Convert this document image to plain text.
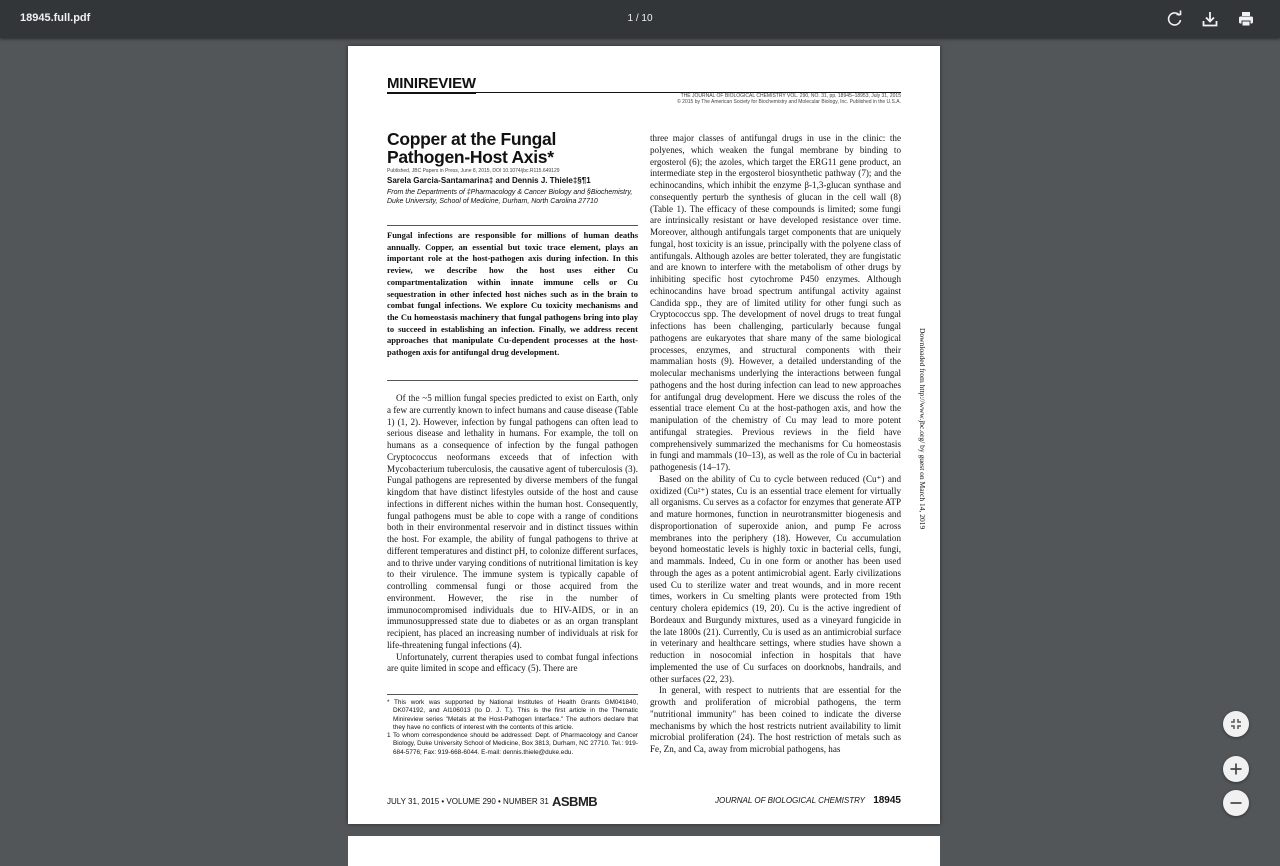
18945.full.pdf	1 / 10
MINIREVIEW
THE JOURNAL OF BIOLOGICAL CHEMISTRY VOL. 290, NO. 31, pp. 18945–18953, July 31, 2015
© 2015 by The American Society for Biochemistry and Molecular Biology, Inc. Published in the U.S.A.
Copper at the Fungal Pathogen-Host Axis*
Published, JBC Papers in Press, June 8, 2015, DOI 10.1074/jbc.R115.649129
Sarela Garcia-Santamarina‡ and Dennis J. Thiele‡§¶1
From the Departments of ‡Pharmacology & Cancer Biology and §Biochemistry, Duke University, School of Medicine, Durham, North Carolina 27710
Fungal infections are responsible for millions of human deaths annually. Copper, an essential but toxic trace element, plays an important role at the host-pathogen axis during infection. In this review, we describe how the host uses either Cu compartmentalization within innate immune cells or Cu sequestration in other infected host niches such as in the brain to combat fungal infections. We explore Cu toxicity mechanisms and the Cu homeostasis machinery that fungal pathogens bring into play to succeed in establishing an infection. Finally, we address recent approaches that manipulate Cu-dependent processes at the host-pathogen axis for antifungal drug development.

Of the ~5 million fungal species predicted to exist on Earth, only a few are currently known to infect humans and cause disease (Table 1) (1, 2). However, infection by fungal pathogens can often lead to serious disease and lethality in humans. For example, the toll on humans as a consequence of infection by the fungal pathogen Cryptococcus neoformans exceeds that of infection with Mycobacterium tuberculosis, the causative agent of tuberculosis (3). Fungal pathogens are represented by diverse members of the fungal kingdom that have distinct lifestyles outside of the host and cause infections in different niches within the human host. Consequently, fungal pathogens must be able to cope with a range of conditions both in their environmental reservoir and in distinct tissues within the host. For example, the ability of fungal pathogens to thrive at different temperatures and distinct pH, to colonize different surfaces, and to thrive under varying conditions of nutritional limitation is key to their virulence. The immune system is typically capable of controlling commensal fungi or those acquired from the environment. However, the rise in the number of immunocompromised individuals due to HIV-AIDS, or in an immunosuppressed state due to diabetes or as an organ transplant recipient, has placed an increasing number of individuals at risk for life-threatening fungal infections (4).

Unfortunately, current therapies used to combat fungal infections are quite limited in scope and efficacy (5). There are

* This work was supported by National Institutes of Health Grants GM041840, DK074192, and AI106013 (to D. J. T.). This is the first article in the Thematic Minireview series "Metals at the Host-Pathogen Interface." The authors declare that they have no conflicts of interest with the contents of this article.
1 To whom correspondence should be addressed: Dept. of Pharmacology and Cancer Biology, Duke University School of Medicine, Box 3813, Durham, NC 27710. Tel.: 919-684-5776; Fax: 919-668-6044. E-mail: dennis.thiele@duke.edu.

three major classes of antifungal drugs in use in the clinic: the polyenes, which weaken the fungal membrane by binding to ergosterol (6); the azoles, which target the ERG11 gene product, an intermediate step in the ergosterol biosynthetic pathway (7); and the echinocandins, which inhibit the enzyme β-1,3-glucan synthase and consequently perturb the synthesis of glucan in the cell wall (8) (Table 1). The efficacy of these compounds is limited; some fungi are intrinsically resistant or have developed resistance over time. Moreover, although antifungals target components that are uniquely fungal, host toxicity is an issue, principally with the polyene class of antifungals. Although azoles are better tolerated, they are fungistatic and are known to interfere with the metabolism of other drugs by inhibiting specific host cytochrome P450 enzymes. Although echinocandins have broad spectrum antifungal activity against Candida spp., they are of limited utility for other fungi such as Cryptococcus spp. The development of novel drugs to treat fungal infections has been challenging, particularly because fungal pathogens are eukaryotes that share many of the same biological processes, enzymes, and structural components with their mammalian hosts (9). However, a detailed understanding of the molecular mechanisms underlying the interactions between fungal pathogens and the host during infection can lead to new approaches for antifungal drug development. Here we discuss the roles of the essential trace element Cu at the host-pathogen axis, and how the manipulation of the chemistry of Cu may lead to more potent antifungal strategies. Previous reviews in the field have comprehensively summarized the mechanisms for Cu homeostasis in fungi and mammals (10–13), as well as the role of Cu in bacterial pathogenesis (14–17).

Based on the ability of Cu to cycle between reduced (Cu⁺) and oxidized (Cu²⁺) states, Cu is an essential trace element for virtually all organisms. Cu serves as a cofactor for enzymes that generate ATP and mature hormones, function in neurotransmitter biogenesis and disproportionation of superoxide anion, and pump Fe across membranes into the periphery (18). However, Cu accumulation beyond homeostatic levels is highly toxic in bacterial cells, fungi, and mammals. Indeed, Cu in one form or another has been used through the ages as a potent antimicrobial agent. Early civilizations used Cu to sterilize water and treat wounds, and in more recent times, workers in Cu smelting plants were protected from 19th century cholera epidemics (19, 20). Cu is the active ingredient of Bordeaux and Burgundy mixtures, used as a vineyard fungicide in the late 1800s (21). Currently, Cu is used as an antimicrobial surface in veterinary and healthcare settings, where studies have shown a reduction in nosocomial infection in hospitals that have implemented the use of Cu surfaces on doorknobs, handrails, and other surfaces (22, 23).

In general, with respect to nutrients that are essential for the growth and proliferation of microbial pathogens, the term "nutritional immunity" has been coined to indicate the diverse mechanisms by which the host restricts nutrient availability to limit microbial proliferation (24). The host restriction of metals such as Fe, Zn, and Ca, away from microbial pathogens, has

JULY 31, 2015 • VOLUME 290 • NUMBER 31 ASBMB	JOURNAL OF BIOLOGICAL CHEMISTRY 18945
Downloaded from http://www.jbc.org/ by guest on March 14, 2019
